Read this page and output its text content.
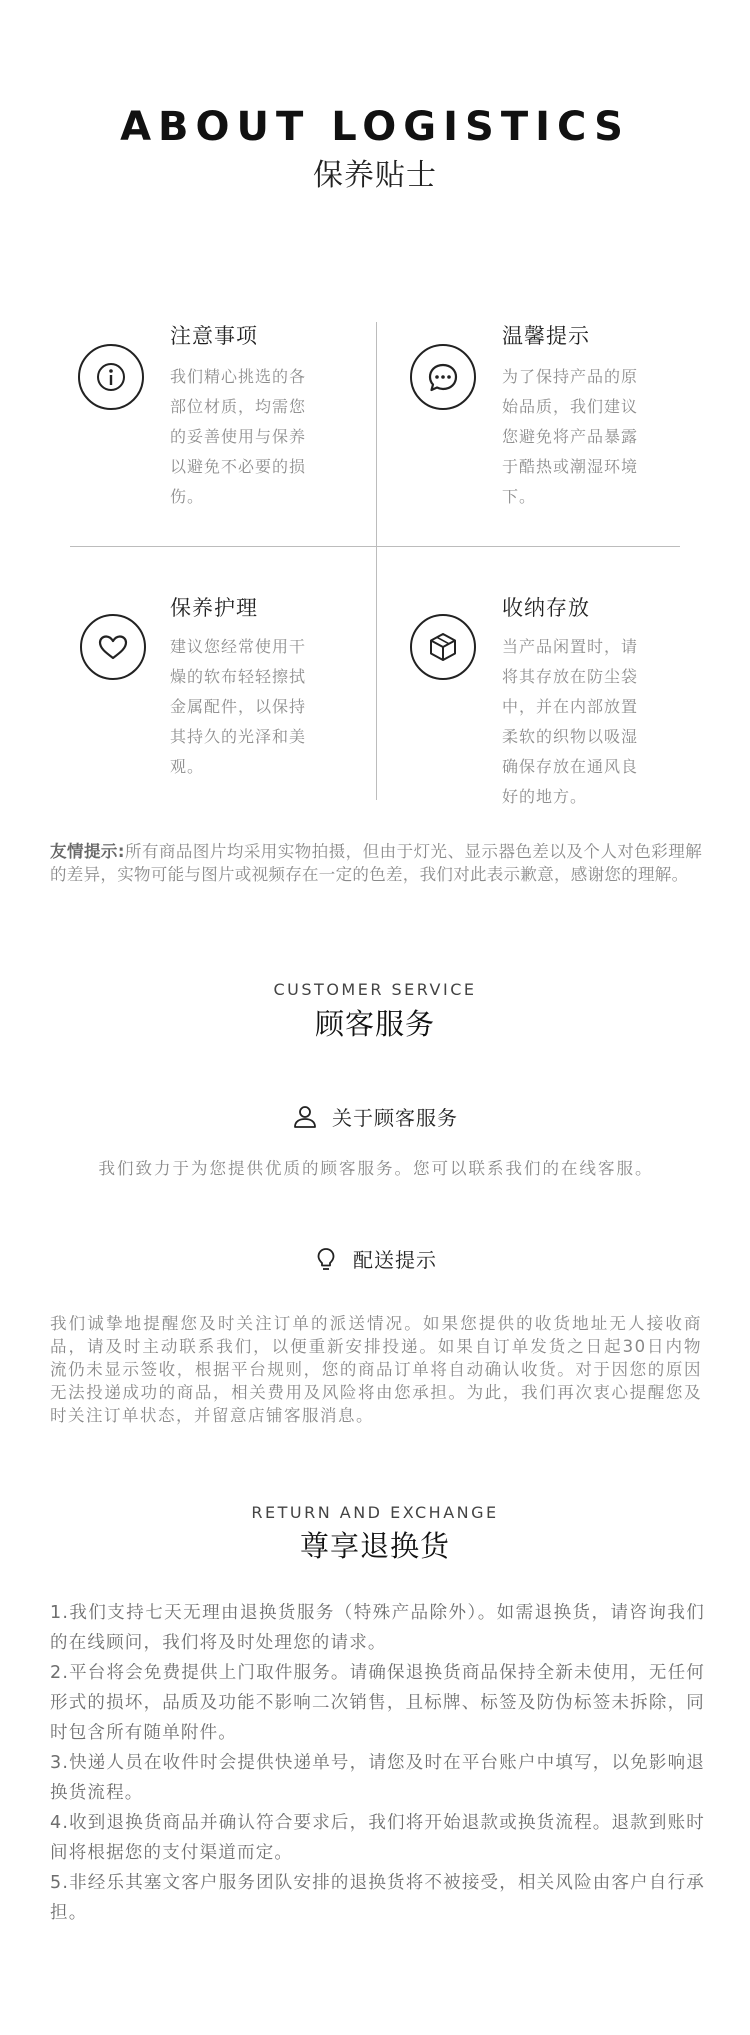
ABOUT LOGISTICS
保养贴士
注意事项
我们精心挑选的各
部位材质，均需您
的妥善使用与保养
以避免不必要的损
伤。
温馨提示
为了保持产品的原
始品质，我们建议
您避免将产品暴露
于酷热或潮湿环境
下。
保养护理
建议您经常使用干
燥的软布轻轻擦拭
金属配件，以保持
其持久的光泽和美
观。
收纳存放
当产品闲置时，请
将其存放在防尘袋
中，并在内部放置
柔软的织物以吸湿
确保存放在通风良
好的地方。
友情提示:所有商品图片均采用实物拍摄，但由于灯光、显示器色差以及个人对色彩理解的差异，实物可能与图片或视频存在一定的色差，我们对此表示歉意，感谢您的理解。
CUSTOMER SERVICE
顾客服务
关于顾客服务
我们致力于为您提供优质的顾客服务。您可以联系我们的在线客服。
配送提示
我们诚挚地提醒您及时关注订单的派送情况。如果您提供的收货地址无人接收商品，请及时主动联系我们，以便重新安排投递。如果自订单发货之日起30日内物流仍未显示签收，根据平台规则，您的商品订单将自动确认收货。对于因您的原因无法投递成功的商品，相关费用及风险将由您承担。为此，我们再次衷心提醒您及时关注订单状态，并留意店铺客服消息。
RETURN AND EXCHANGE
尊享退换货

1.我们支持七天无理由退换货服务（特殊产品除外）。如需退换货，请咨询我们的在线顾问，我们将及时处理您的请求。

2.平台将会免费提供上门取件服务。请确保退换货商品保持全新未使用，无任何形式的损坏，品质及功能不影响二次销售，且标牌、标签及防伪标签未拆除，同时包含所有随单附件。

3.快递人员在收件时会提供快递单号，请您及时在平台账户中填写，以免影响退换货流程。

4.收到退换货商品并确认符合要求后，我们将开始退款或换货流程。退款到账时间将根据您的支付渠道而定。

5.非经乐其塞文客户服务团队安排的退换货将不被接受，相关风险由客户自行承担。
